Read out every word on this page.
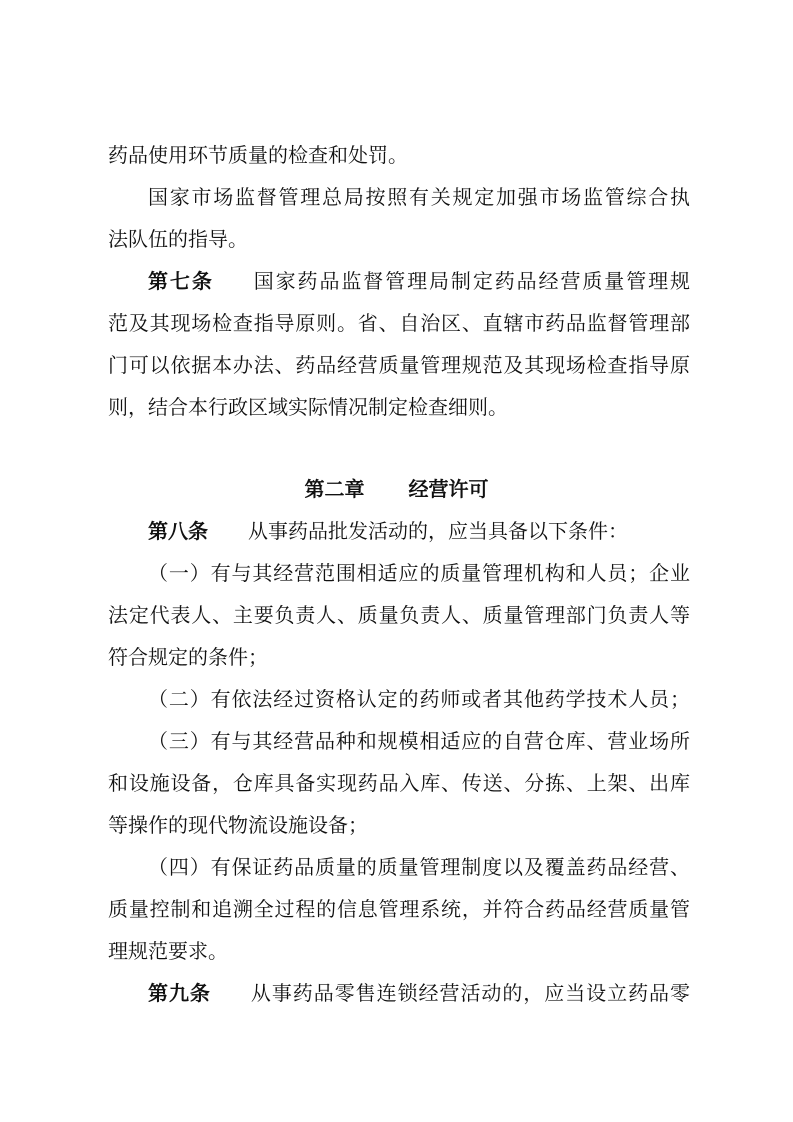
药品使用环节质量的检查和处罚。
国家市场监督管理总局按照有关规定加强市场监管综合执
法队伍的指导。
第七条 国家药品监督管理局制定药品经营质量管理规
范及其现场检查指导原则。省、自治区、直辖市药品监督管理部
门可以依据本办法、药品经营质量管理规范及其现场检查指导原
则，结合本行政区域实际情况制定检查细则。
第二章 经营许可
第八条 从事药品批发活动的，应当具备以下条件：
（一）有与其经营范围相适应的质量管理机构和人员；企业
法定代表人、主要负责人、质量负责人、质量管理部门负责人等
符合规定的条件；
（二）有依法经过资格认定的药师或者其他药学技术人员；
（三）有与其经营品种和规模相适应的自营仓库、营业场所
和设施设备，仓库具备实现药品入库、传送、分拣、上架、出库
等操作的现代物流设施设备；
（四）有保证药品质量的质量管理制度以及覆盖药品经营、
质量控制和追溯全过程的信息管理系统，并符合药品经营质量管
理规范要求。
第九条 从事药品零售连锁经营活动的，应当设立药品零
